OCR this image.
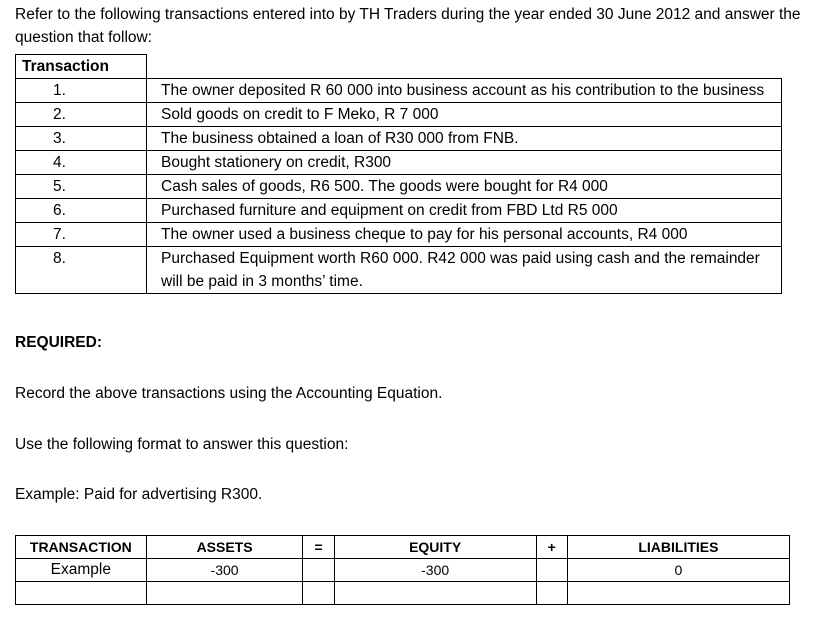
Refer to the following transactions entered into by TH Traders during the year ended 30 June 2012 and answer the question that follow:

Transaction	

1.	The owner deposited R 60 000 into business account as his contribution to the business

2.	Sold goods on credit to F Meko, R 7 000

3.	The business obtained a loan of R30 000 from FNB.

4.	Bought stationery on credit, R300

5.	Cash sales of goods, R6 500. The goods were bought for R4 000

6.	Purchased furniture and equipment on credit from FBD Ltd R5 000

7.	The owner used a business cheque to pay for his personal accounts, R4 000

8.	Purchased Equipment worth R60 000. R42 000 was paid using cash and the remainder will be paid in 3 months’ time.

REQUIRED:

Record the above transactions using the Accounting Equation.

Use the following format to answer this question:

Example: Paid for advertising R300.

TRANSACTION	ASSETS	=	EQUITY	+	LIABILITIES
Example	-300		-300		0
